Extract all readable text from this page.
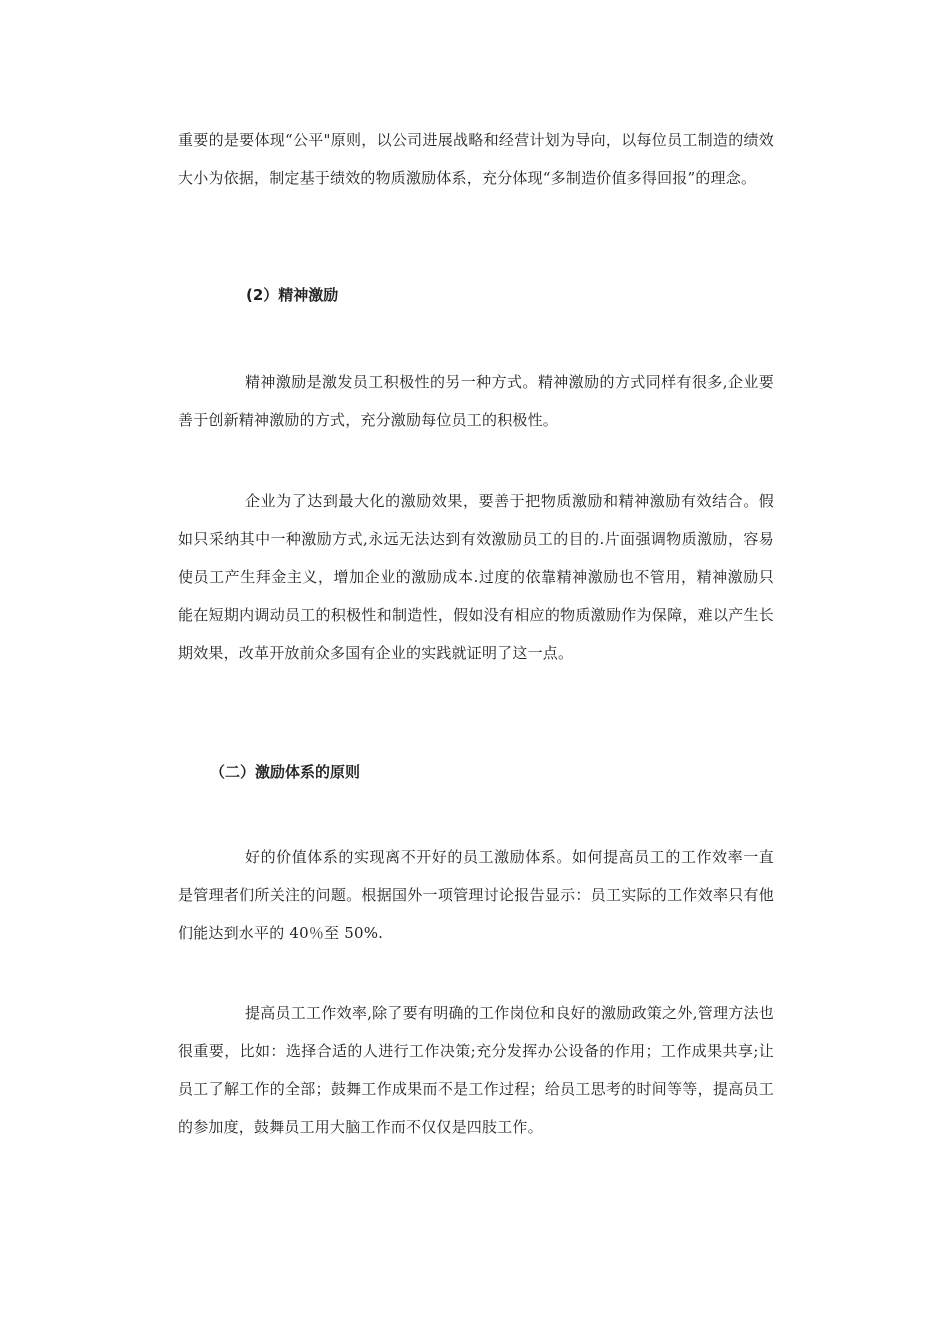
重要的是要体现“公平"原则，以公司进展战略和经营计划为导向，以每位员工制造的绩效大小为依据，制定基于绩效的物质激励体系，充分体现“多制造价值多得回报”的理念。

(2）精神激励

精神激励是激发员工积极性的另一种方式。精神激励的方式同样有很多,企业要善于创新精神激励的方式，充分激励每位员工的积极性。

企业为了达到最大化的激励效果，要善于把物质激励和精神激励有效结合。假如只采纳其中一种激励方式,永远无法达到有效激励员工的目的.片面强调物质激励，容易使员工产生拜金主义，增加企业的激励成本.过度的依靠精神激励也不管用，精神激励只能在短期内调动员工的积极性和制造性，假如没有相应的物质激励作为保障，难以产生长期效果，改革开放前众多国有企业的实践就证明了这一点。

（二）激励体系的原则

好的价值体系的实现离不开好的员工激励体系。如何提高员工的工作效率一直是管理者们所关注的问题。根据国外一项管理讨论报告显示：员工实际的工作效率只有他们能达到水平的 40％至 50%.

提高员工工作效率,除了要有明确的工作岗位和良好的激励政策之外,管理方法也很重要，比如：选择合适的人进行工作决策;充分发挥办公设备的作用；工作成果共享;让员工了解工作的全部；鼓舞工作成果而不是工作过程；给员工思考的时间等等，提高员工的参加度，鼓舞员工用大脑工作而不仅仅是四肢工作。
